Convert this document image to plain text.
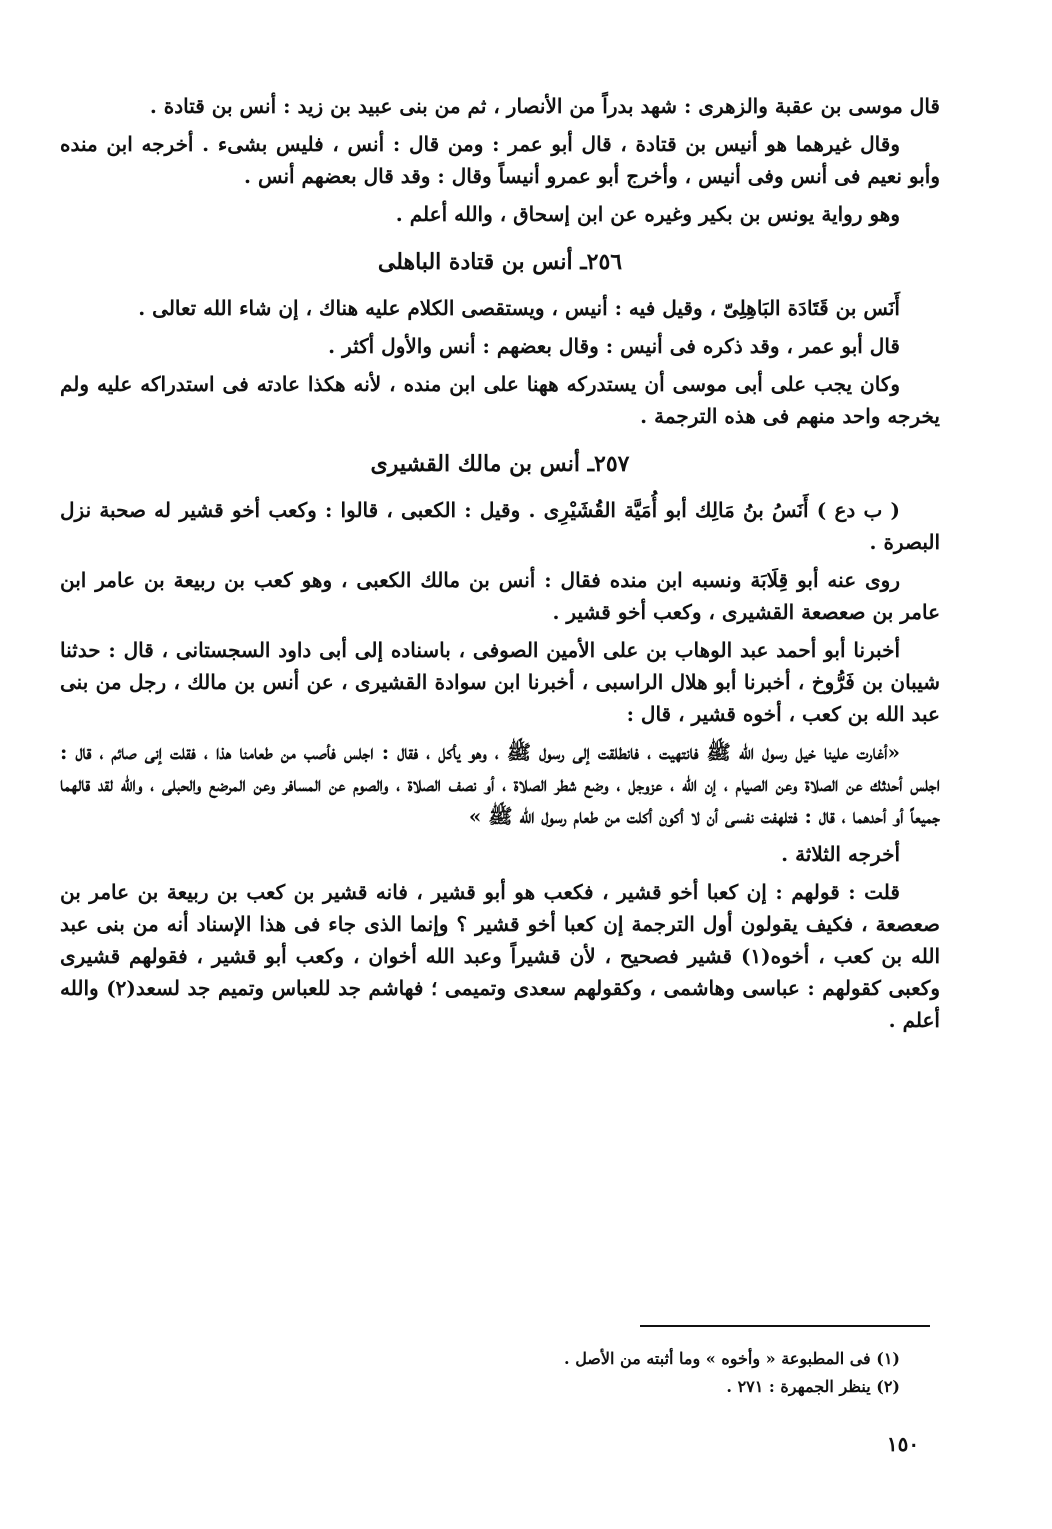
قال موسى بن عقبة والزهرى : شهد بدراً من الأنصار ، ثم من بنى عبيد بن زيد : أنس بن قتادة .

وقال غيرهما هو أنيس بن قتادة ، قال أبو عمر : ومن قال : أنس ، فليس بشىء . أخرجه ابن منده وأبو نعيم فى أنس وفى أنيس ، وأخرج أبو عمرو أنيساً وقال : وقد قال بعضهم أنس .

وهو رواية يونس بن بكير وغيره عن ابن إسحاق ، والله أعلم .

٢٥٦ـ أنس بن قتادة الباهلى

أَنَس بن قَتَادَة البَاهِلِىّ ، وقيل فيه : أنيس ، ويستقصى الكلام عليه هناك ، إن شاء الله تعالى .

قال أبو عمر ، وقد ذكره فى أنيس : وقال بعضهم : أنس والأول أكثر .

وكان يجب على أبى موسى أن يستدركه ههنا على ابن منده ، لأنه هكذا عادته فى استدراكه عليه ولم يخرجه واحد منهم فى هذه الترجمة .

٢٥٧ـ أنس بن مالك القشيرى

( ب دع ) أَنَسُ بنُ مَالِك أبو أُمَيَّة القُشَيْرِى . وقيل : الكعبى ، قالوا : وكعب أخو قشير له صحبة نزل البصرة .

روى عنه أبو قِلَابَة ونسبه ابن منده فقال : أنس بن مالك الكعبى ، وهو كعب بن ربيعة بن عامر ابن عامر بن صعصعة القشيرى ، وكعب أخو قشير .

أخبرنا أبو أحمد عبد الوهاب بن على الأمين الصوفى ، باسناده إلى أبى داود السجستانى ، قال : حدثنا شيبان بن فَرُّوخ ، أخبرنا أبو هلال الراسبى ، أخبرنا ابن سوادة القشيرى ، عن أنس بن مالك ، رجل من بنى عبد الله بن كعب ، أخوه قشير ، قال :

«أغارت علينا خيل رسول الله ﷺ فانتهيت ، فانطلقت إلى رسول ﷺ ، وهو يأكل ، فقال : اجلس فأصب من طعامنا هذا ، فقلت إنى صائم ، قال : اجلس أحدثك عن الصلاة وعن الصيام ، إن الله ، عزوجل ، وضع شطر الصلاة ، أو نصف الصلاة ، والصوم عن المسافر وعن المرضع والحبلى ، والله لقد قالهما جميعاً أو أحدهما ، قال : فتلهفت نفسى أن لا أكون أكلت من طعام رسول الله ﷺ »

أخرجه الثلاثة .

قلت : قولهم : إن كعبا أخو قشير ، فكعب هو أبو قشير ، فانه قشير بن كعب بن ربيعة بن عامر بن صعصعة ، فكيف يقولون أول الترجمة إن كعبا أخو قشير ؟ وإنما الذى جاء فى هذا الإسناد أنه من بنى عبد الله بن كعب ، أخوه(١) قشير فصحيح ، لأن قشيراً وعبد الله أخوان ، وكعب أبو قشير ، فقولهم قشيرى وكعبى كقولهم : عباسى وهاشمى ، وكقولهم سعدى وتميمى ؛ فهاشم جد للعباس وتميم جد لسعد(٢) والله أعلم .

(١) فى المطبوعة « وأخوه » وما أثبته من الأصل .
(٢) ينظر الجمهرة : ٢٧١ .
١٥٠
